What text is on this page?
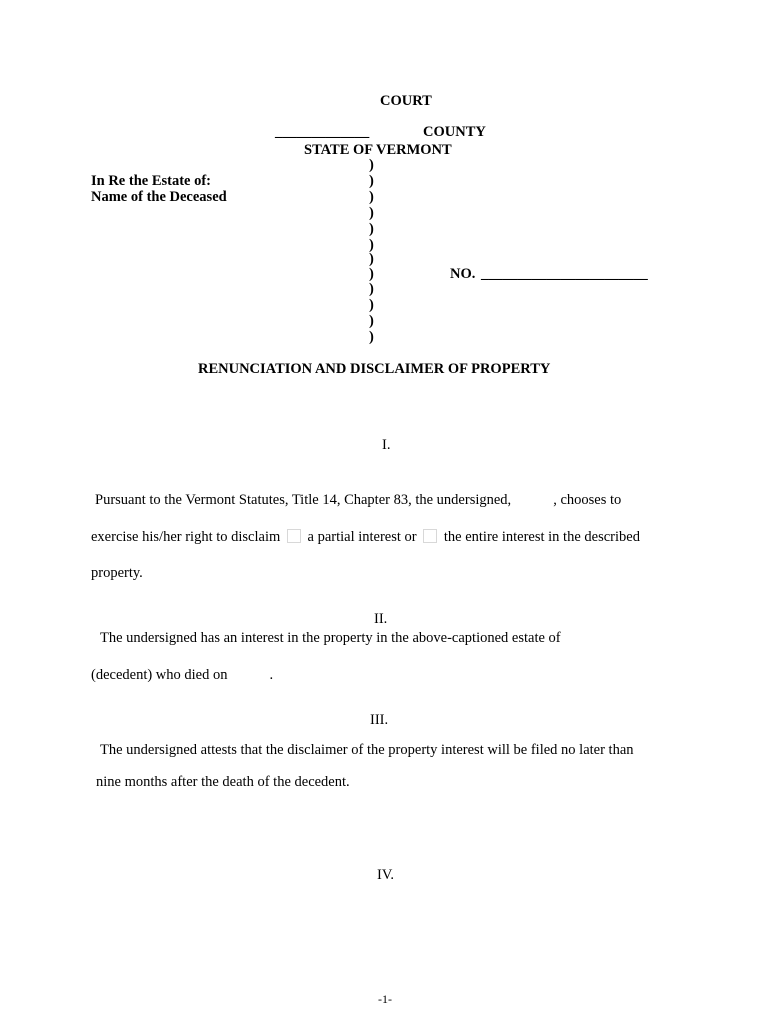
COURT
_____________	COUNTY
STATE OF VERMONT
In Re the Estate of:
Name of the Deceased
)
)
)
)
)
)
)
)
)
)
)
)
NO. _______________________
RENUNCIATION AND DISCLAIMER OF PROPERTY
I.
Pursuant to the Vermont Statutes, Title 14, Chapter 83, the undersigned,	, chooses to
exercise his/her right to disclaim a partial interest or the entire interest in the described
property.
II.
The undersigned has an interest in the property in the above-captioned estate of
(decedent) who died on	.
III.
The undersigned attests that the disclaimer of the property interest will be filed no later than
nine months after the death of the decedent.
IV.
-1-
